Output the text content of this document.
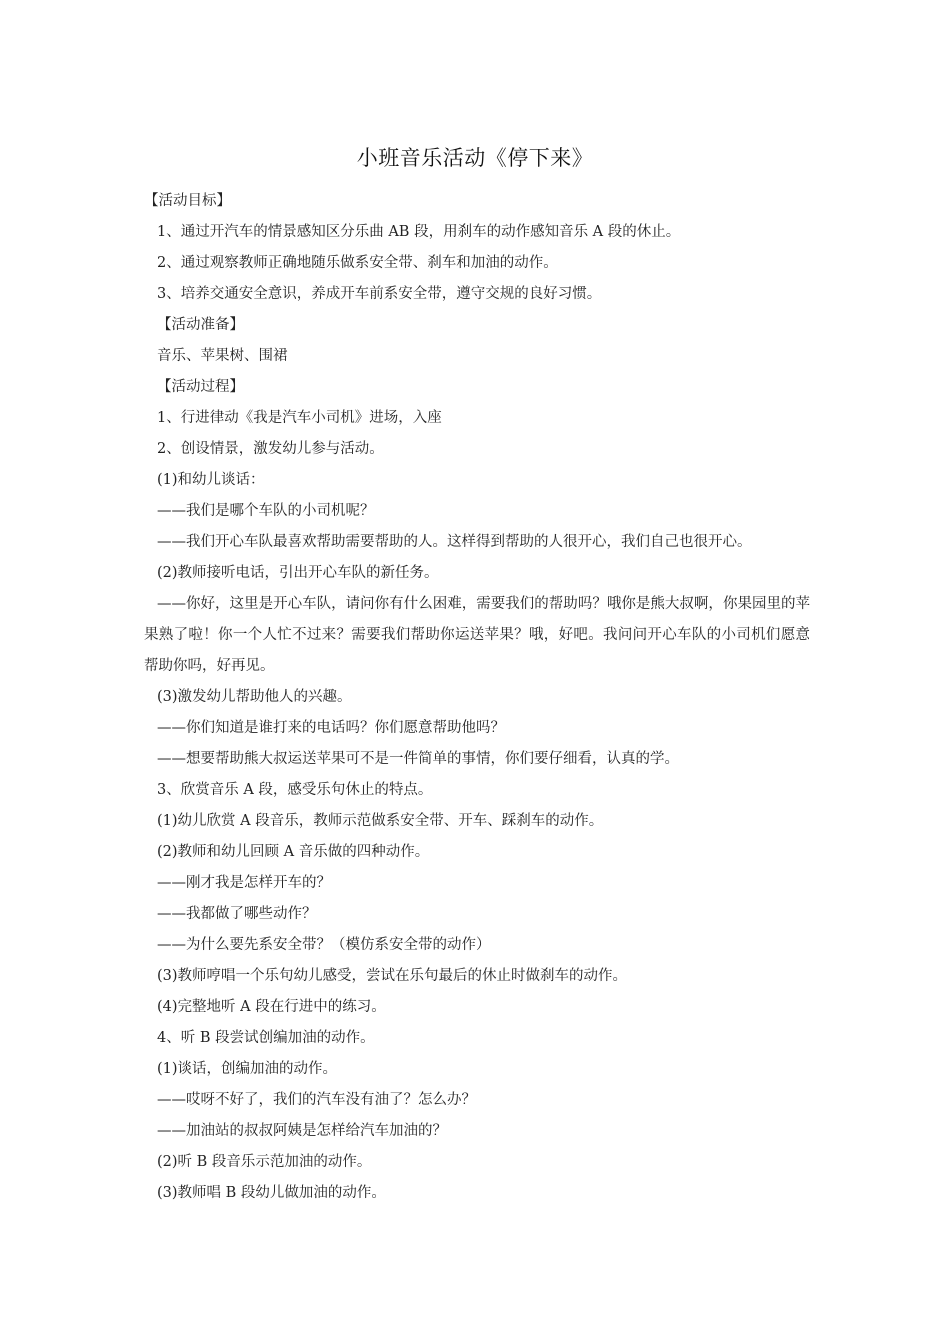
小班音乐活动《停下来》

【活动目标】

1、通过开汽车的情景感知区分乐曲 AB 段，用刹车的动作感知音乐 A 段的休止。

2、通过观察教师正确地随乐做系安全带、刹车和加油的动作。

3、培养交通安全意识，养成开车前系安全带，遵守交规的良好习惯。

【活动准备】

音乐、苹果树、围裙

【活动过程】

1、行进律动《我是汽车小司机》进场，入座

2、创设情景，激发幼儿参与活动。

(1)和幼儿谈话：

——我们是哪个车队的小司机呢？

——我们开心车队最喜欢帮助需要帮助的人。这样得到帮助的人很开心，我们自己也很开心。

(2)教师接听电话，引出开心车队的新任务。

——你好，这里是开心车队，请问你有什么困难，需要我们的帮助吗？哦你是熊大叔啊，你果园里的苹果熟了啦！你一个人忙不过来？需要我们帮助你运送苹果？哦，好吧。我问问开心车队的小司机们愿意帮助你吗，好再见。

(3)激发幼儿帮助他人的兴趣。

——你们知道是谁打来的电话吗？你们愿意帮助他吗？

——想要帮助熊大叔运送苹果可不是一件简单的事情，你们要仔细看，认真的学。

3、欣赏音乐 A 段，感受乐句休止的特点。

(1)幼儿欣赏 A 段音乐，教师示范做系安全带、开车、踩刹车的动作。

(2)教师和幼儿回顾 A 音乐做的四种动作。

——刚才我是怎样开车的？

——我都做了哪些动作？

——为什么要先系安全带？（模仿系安全带的动作）

(3)教师哼唱一个乐句幼儿感受，尝试在乐句最后的休止时做刹车的动作。

(4)完整地听 A 段在行进中的练习。

4、听 B 段尝试创编加油的动作。

(1)谈话，创编加油的动作。

——哎呀不好了，我们的汽车没有油了？怎么办？

——加油站的叔叔阿姨是怎样给汽车加油的？

(2)听 B 段音乐示范加油的动作。

(3)教师唱 B 段幼儿做加油的动作。
